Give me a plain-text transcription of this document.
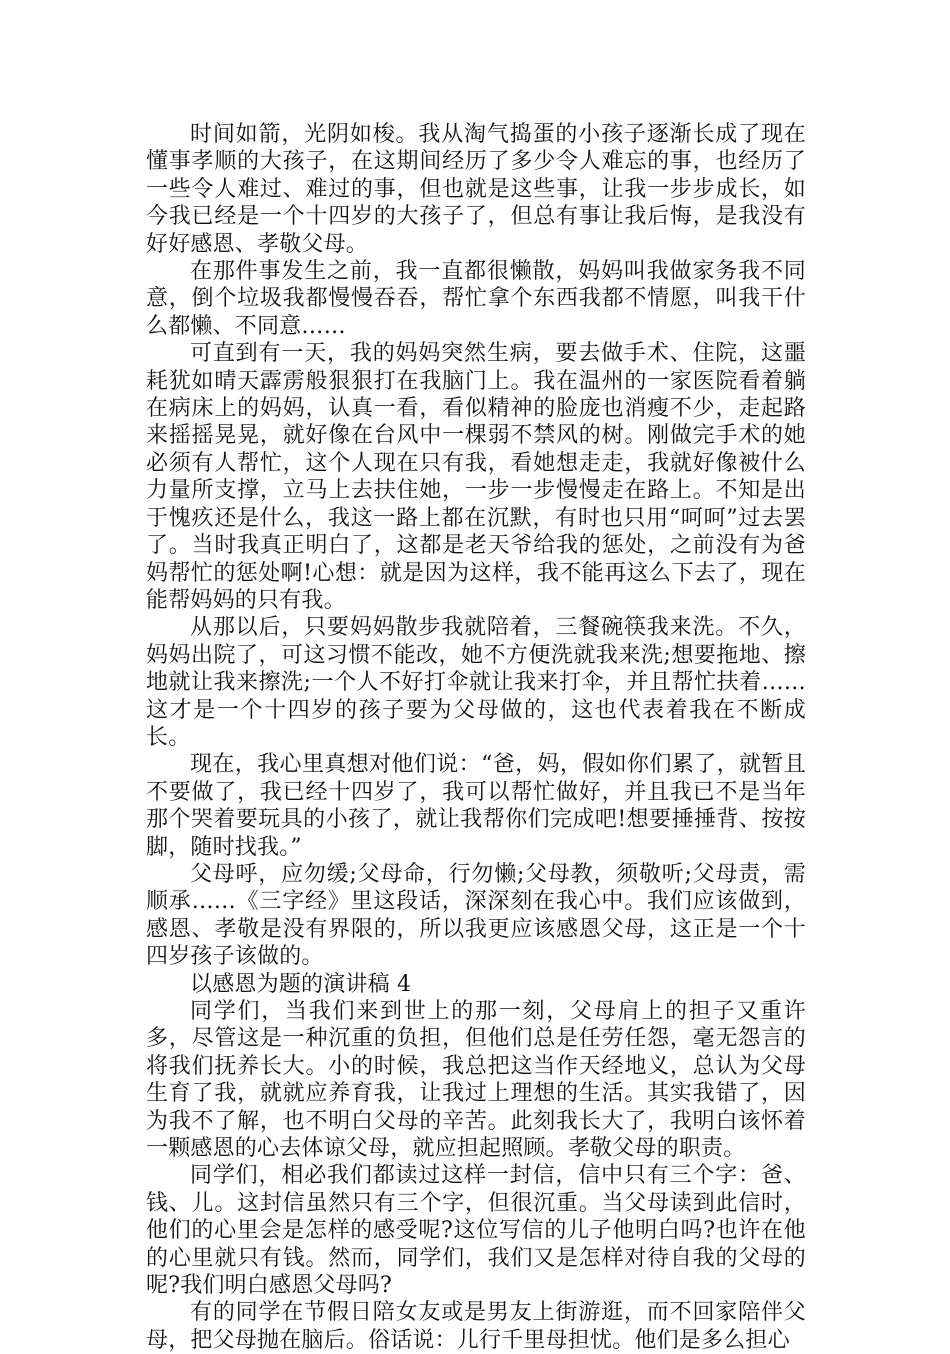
时间如箭，光阴如梭。我从淘气捣蛋的小孩子逐渐长成了现在懂事孝顺的大孩子，在这期间经历了多少令人难忘的事，也经历了一些令人难过、难过的事，但也就是这些事，让我一步步成长，如今我已经是一个十四岁的大孩子了，但总有事让我后悔，是我没有好好感恩、孝敬父母。

在那件事发生之前，我一直都很懒散，妈妈叫我做家务我不同意，倒个垃圾我都慢慢吞吞，帮忙拿个东西我都不情愿，叫我干什么都懒、不同意……

可直到有一天，我的妈妈突然生病，要去做手术、住院，这噩耗犹如晴天霹雳般狠狠打在我脑门上。我在温州的一家医院看着躺在病床上的妈妈，认真一看，看似精神的脸庞也消瘦不少，走起路来摇摇晃晃，就好像在台风中一棵弱不禁风的树。刚做完手术的她必须有人帮忙，这个人现在只有我，看她想走走，我就好像被什么力量所支撑，立马上去扶住她，一步一步慢慢走在路上。不知是出于愧疚还是什么，我这一路上都在沉默，有时也只用“呵呵”过去罢了。当时我真正明白了，这都是老天爷给我的惩处，之前没有为爸妈帮忙的惩处啊!心想：就是因为这样，我不能再这么下去了，现在能帮妈妈的只有我。

从那以后，只要妈妈散步我就陪着，三餐碗筷我来洗。不久，妈妈出院了，可这习惯不能改，她不方便洗就我来洗;想要拖地、擦地就让我来擦洗;一个人不好打伞就让我来打伞，并且帮忙扶着……这才是一个十四岁的孩子要为父母做的，这也代表着我在不断成长。

现在，我心里真想对他们说：“爸，妈，假如你们累了，就暂且不要做了，我已经十四岁了，我可以帮忙做好，并且我已不是当年那个哭着要玩具的小孩了，就让我帮你们完成吧!想要捶捶背、按按脚，随时找我。”

父母呼，应勿缓;父母命，行勿懒;父母教，须敬听;父母责，需顺承……《三字经》里这段话，深深刻在我心中。我们应该做到，感恩、孝敬是没有界限的，所以我更应该感恩父母，这正是一个十四岁孩子该做的。

以感恩为题的演讲稿 4

同学们，当我们来到世上的那一刻，父母肩上的担子又重许多，尽管这是一种沉重的负担，但他们总是任劳任怨，毫无怨言的将我们抚养长大。小的时候，我总把这当作天经地义，总认为父母生育了我，就就应养育我，让我过上理想的生活。其实我错了，因为我不了解，也不明白父母的辛苦。此刻我长大了，我明白该怀着一颗感恩的心去体谅父母，就应担起照顾。孝敬父母的职责。

同学们，相必我们都读过这样一封信，信中只有三个字：爸、钱、儿。这封信虽然只有三个字，但很沉重。当父母读到此信时，他们的心里会是怎样的感受呢?这位写信的儿子他明白吗?也许在他的心里就只有钱。然而，同学们，我们又是怎样对待自我的父母的呢?我们明白感恩父母吗?

有的同学在节假日陪女友或是男友上街游逛，而不回家陪伴父母，把父母抛在脑后。俗话说：儿行千里母担忧。他们是多么担心
